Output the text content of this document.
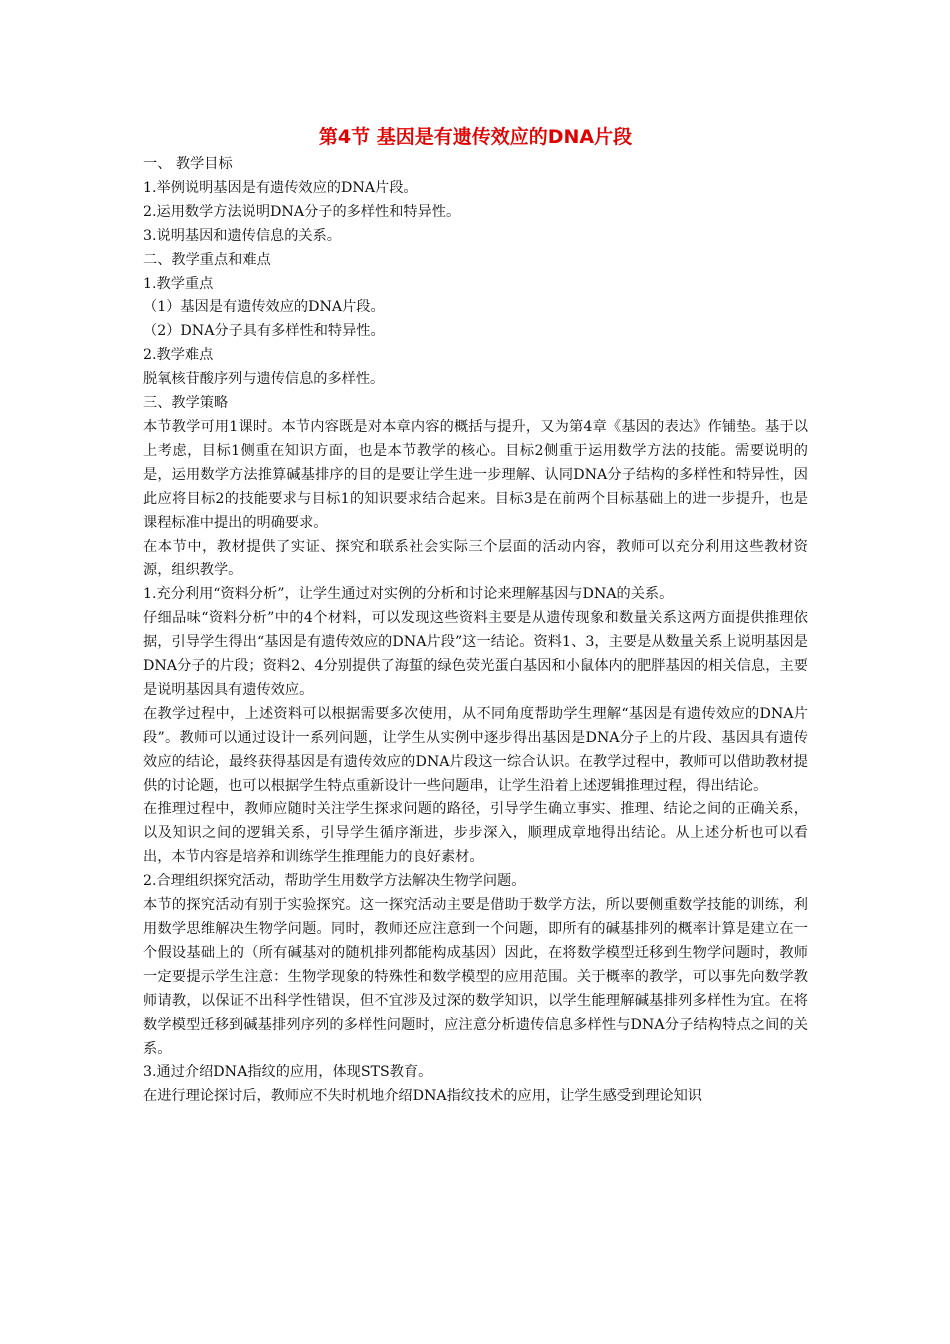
第4节 基因是有遗传效应的DNA片段
一、 教学目标
1.举例说明基因是有遗传效应的DNA片段。
2.运用数学方法说明DNA分子的多样性和特异性。
3.说明基因和遗传信息的关系。
二、教学重点和难点
1.教学重点
（1）基因是有遗传效应的DNA片段。
（2）DNA分子具有多样性和特异性。
2.教学难点
脱氧核苷酸序列与遗传信息的多样性。
三、教学策略

本节教学可用1课时。本节内容既是对本章内容的概括与提升，又为第4章《基因的表达》作铺垫。基于以上考虑，目标1侧重在知识方面，也是本节教学的核心。目标2侧重于运用数学方法的技能。需要说明的是，运用数学方法推算碱基排序的目的是要让学生进一步理解、认同DNA分子结构的多样性和特异性，因此应将目标2的技能要求与目标1的知识要求结合起来。目标3是在前两个目标基础上的进一步提升，也是课程标准中提出的明确要求。

在本节中，教材提供了实证、探究和联系社会实际三个层面的活动内容，教师可以充分利用这些教材资源，组织教学。

1.充分利用“资料分析”，让学生通过对实例的分析和讨论来理解基因与DNA的关系。

仔细品味“资料分析”中的4个材料，可以发现这些资料主要是从遗传现象和数量关系这两方面提供推理依据，引导学生得出“基因是有遗传效应的DNA片段”这一结论。资料1、3，主要是从数量关系上说明基因是DNA分子的片段；资料2、4分别提供了海蜇的绿色荧光蛋白基因和小鼠体内的肥胖基因的相关信息，主要是说明基因具有遗传效应。

在教学过程中，上述资料可以根据需要多次使用，从不同角度帮助学生理解“基因是有遗传效应的DNA片段”。教师可以通过设计一系列问题，让学生从实例中逐步得出基因是DNA分子上的片段、基因具有遗传效应的结论，最终获得基因是有遗传效应的DNA片段这一综合认识。在教学过程中，教师可以借助教材提供的讨论题，也可以根据学生特点重新设计一些问题串，让学生沿着上述逻辑推理过程，得出结论。

在推理过程中，教师应随时关注学生探求问题的路径，引导学生确立事实、推理、结论之间的正确关系，以及知识之间的逻辑关系，引导学生循序渐进，步步深入，顺理成章地得出结论。从上述分析也可以看出，本节内容是培养和训练学生推理能力的良好素材。

2.合理组织探究活动，帮助学生用数学方法解决生物学问题。

本节的探究活动有别于实验探究。这一探究活动主要是借助于数学方法，所以要侧重数学技能的训练，利用数学思维解决生物学问题。同时，教师还应注意到一个问题，即所有的碱基排列的概率计算是建立在一个假设基础上的（所有碱基对的随机排列都能构成基因）因此，在将数学模型迁移到生物学问题时，教师一定要提示学生注意：生物学现象的特殊性和数学模型的应用范围。关于概率的教学，可以事先向数学教师请教，以保证不出科学性错误，但不宜涉及过深的数学知识，以学生能理解碱基排列多样性为宜。在将数学模型迁移到碱基排列序列的多样性问题时，应注意分析遗传信息多样性与DNA分子结构特点之间的关系。

3.通过介绍DNA指纹的应用，体现STS教育。

在进行理论探讨后，教师应不失时机地介绍DNA指纹技术的应用，让学生感受到理论知识
